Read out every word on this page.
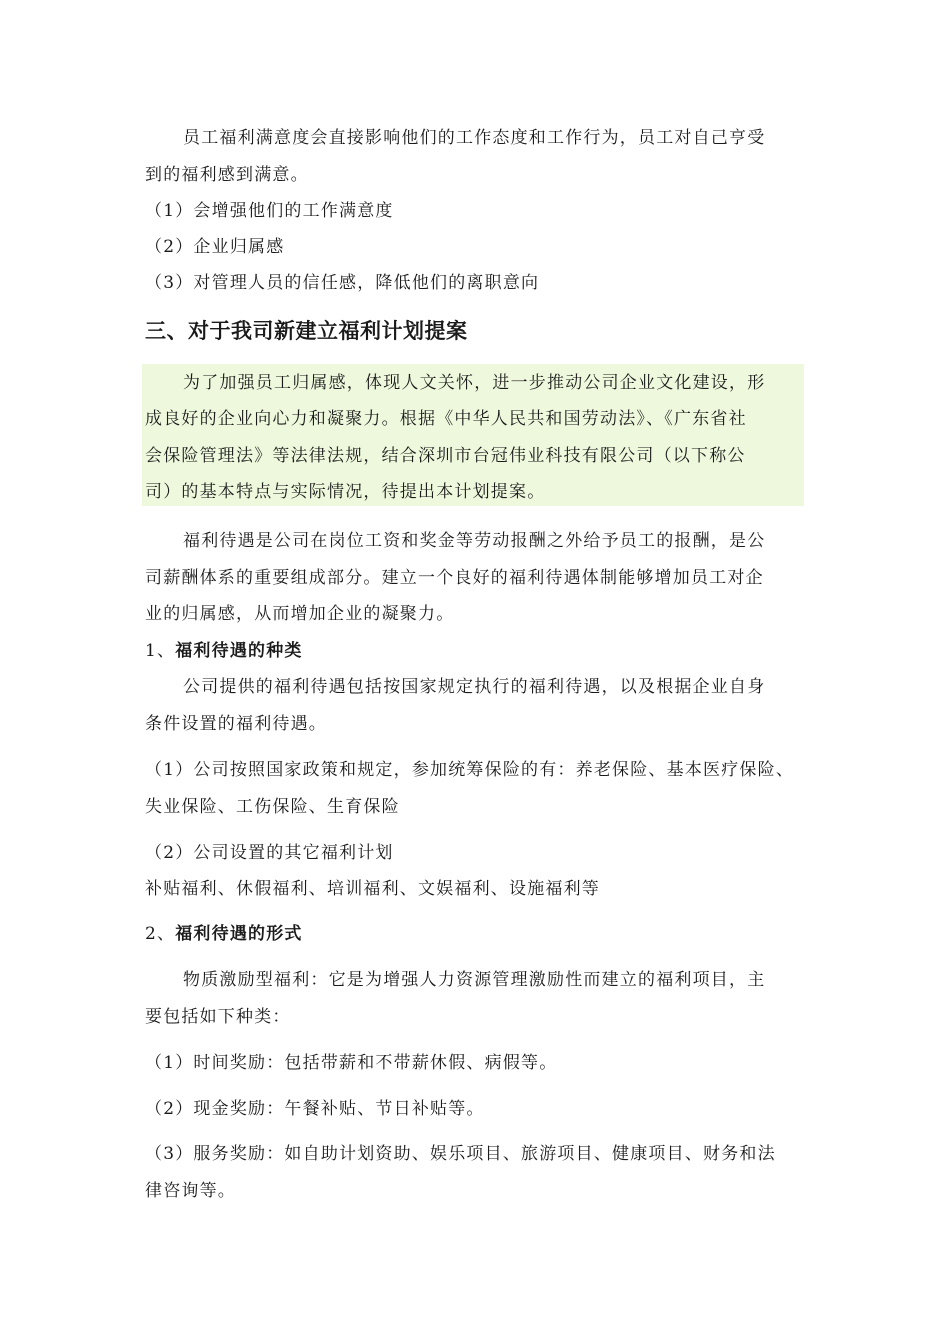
员工福利满意度会直接影响他们的工作态度和工作行为，员工对自己亨受
到的福利感到满意。
（1）会增强他们的工作满意度
（2）企业归属感
（3）对管理人员的信任感，降低他们的离职意向
三、对于我司新建立福利计划提案
为了加强员工归属感，体现人文关怀，进一步推动公司企业文化建设，形
成良好的企业向心力和凝聚力。根据《中华人民共和国劳动法》、《广东省社
会保险管理法》等法律法规，结合深圳市台冠伟业科技有限公司（以下称公
司）的基本特点与实际情况，待提出本计划提案。
福利待遇是公司在岗位工资和奖金等劳动报酬之外给予员工的报酬，是公
司薪酬体系的重要组成部分。建立一个良好的福利待遇体制能够增加员工对企
业的归属感，从而增加企业的凝聚力。
1、福利待遇的种类
公司提供的福利待遇包括按国家规定执行的福利待遇，以及根据企业自身
条件设置的福利待遇。
（1）公司按照国家政策和规定，参加统筹保险的有：养老保险、基本医疗保险、
失业保险、工伤保险、生育保险
（2）公司设置的其它福利计划
补贴福利、休假福利、培训福利、文娱福利、设施福利等
2、福利待遇的形式
物质激励型福利：它是为增强人力资源管理激励性而建立的福利项目，主
要包括如下种类：
（1）时间奖励：包括带薪和不带薪休假、病假等。
（2）现金奖励：午餐补贴、节日补贴等。
（3）服务奖励：如自助计划资助、娱乐项目、旅游项目、健康项目、财务和法
律咨询等。
